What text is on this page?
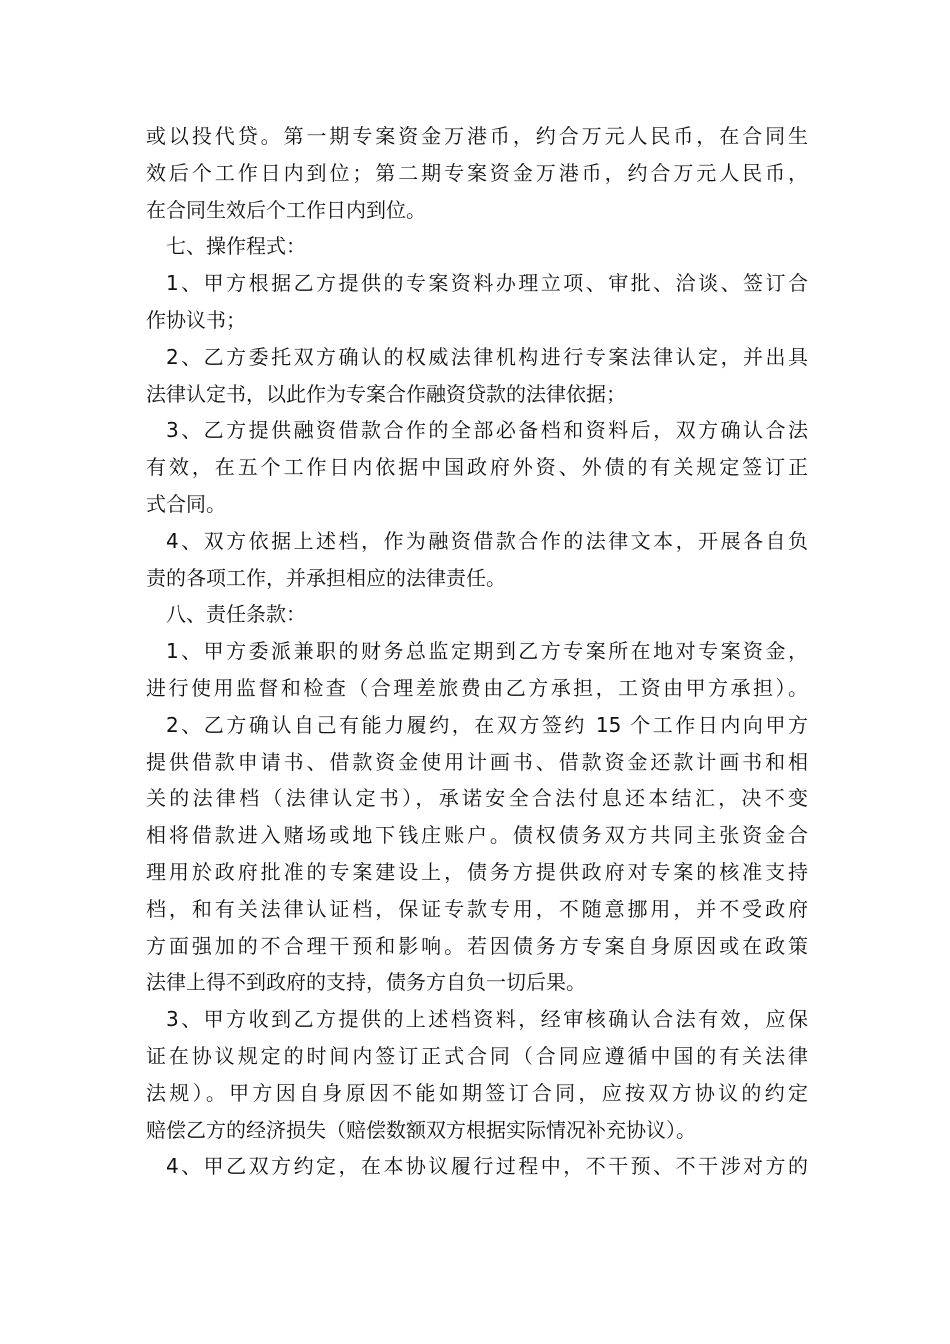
或以投代贷。第一期专案资金万港币，约合万元人民币，在合同生
效后个工作日内到位；第二期专案资金万港币，约合万元人民币，
在合同生效后个工作日内到位。
七、操作程式：
1、甲方根据乙方提供的专案资料办理立项、审批、洽谈、签订合
作协议书；
2、乙方委托双方确认的权威法律机构进行专案法律认定，并出具
法律认定书，以此作为专案合作融资贷款的法律依据；
3、乙方提供融资借款合作的全部必备档和资料后，双方确认合法
有效，在五个工作日内依据中国政府外资、外债的有关规定签订正
式合同。
4、双方依据上述档，作为融资借款合作的法律文本，开展各自负
责的各项工作，并承担相应的法律责任。
八、责任条款：
1、甲方委派兼职的财务总监定期到乙方专案所在地对专案资金，
进行使用监督和检查（合理差旅费由乙方承担，工资由甲方承担）。
2、乙方确认自己有能力履约，在双方签约 15 个工作日内向甲方
提供借款申请书、借款资金使用计画书、借款资金还款计画书和相
关的法律档（法律认定书），承诺安全合法付息还本结汇，决不变
相将借款进入赌场或地下钱庄账户。债权债务双方共同主张资金合
理用於政府批准的专案建设上，债务方提供政府对专案的核准支持
档，和有关法律认证档，保证专款专用，不随意挪用，并不受政府
方面强加的不合理干预和影响。若因债务方专案自身原因或在政策
法律上得不到政府的支持，债务方自负一切后果。
3、甲方收到乙方提供的上述档资料，经审核确认合法有效，应保
证在协议规定的时间内签订正式合同（合同应遵循中国的有关法律
法规）。甲方因自身原因不能如期签订合同，应按双方协议的约定
赔偿乙方的经济损失（赔偿数额双方根据实际情况补充协议）。
4、甲乙双方约定，在本协议履行过程中，不干预、不干涉对方的
